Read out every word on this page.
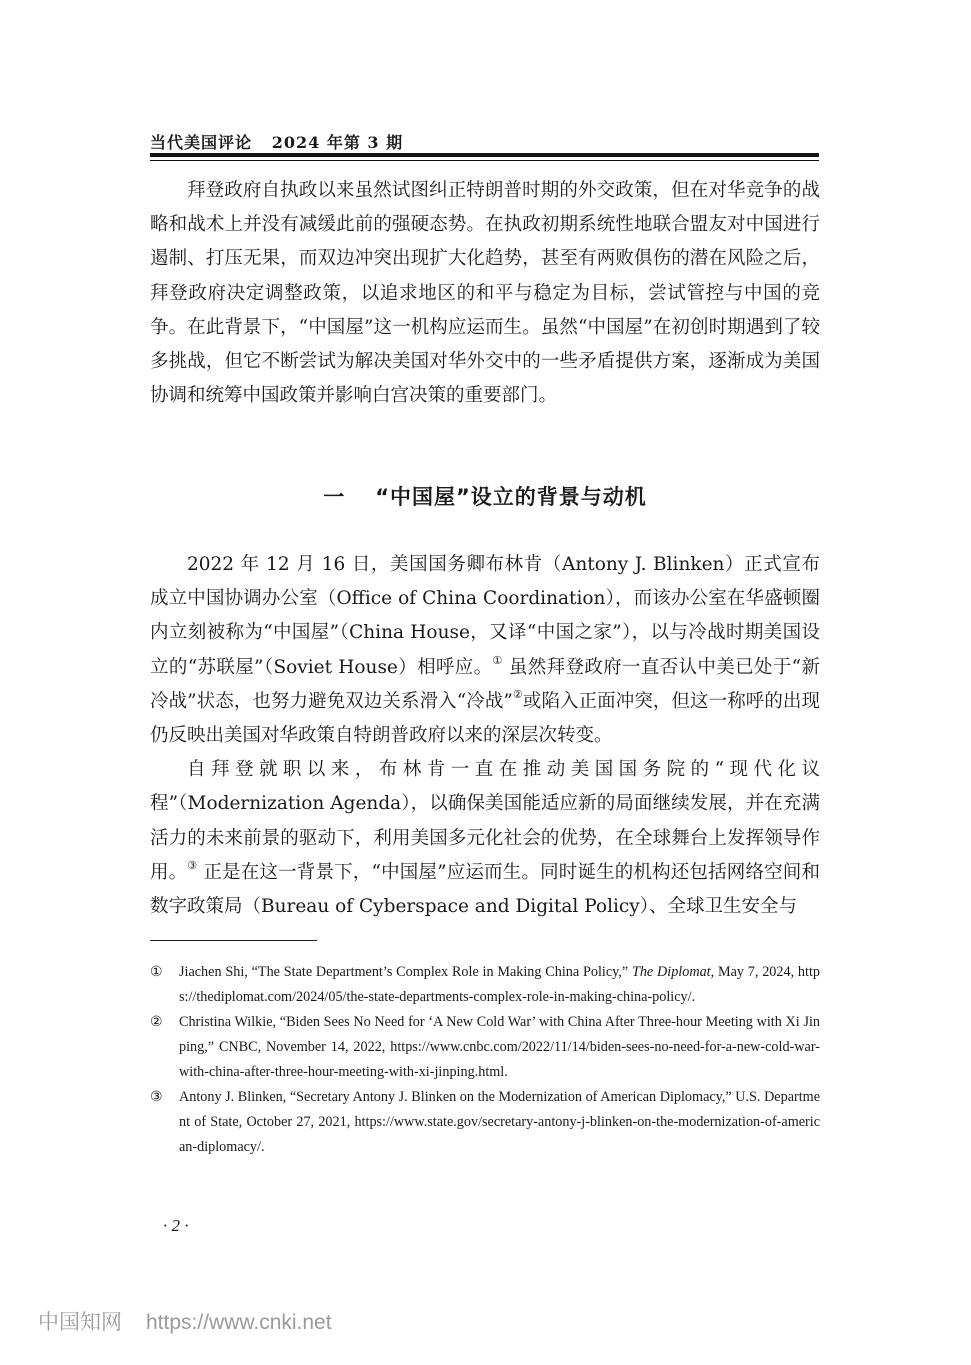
当代美国评论 2024 年第 3 期

拜登政府自执政以来虽然试图纠正特朗普时期的外交政策，但在对华竞争的战略和战术上并没有减缓此前的强硬态势。在执政初期系统性地联合盟友对中国进行遏制、打压无果，而双边冲突出现扩大化趋势，甚至有两败俱伤的潜在风险之后，拜登政府决定调整政策，以追求地区的和平与稳定为目标，尝试管控与中国的竞争。在此背景下，“中国屋”这一机构应运而生。虽然“中国屋”在初创时期遇到了较多挑战，但它不断尝试为解决美国对华外交中的一些矛盾提供方案，逐渐成为美国协调和统筹中国政策并影响白宫决策的重要部门。

一 “中国屋”设立的背景与动机

2022 年 12 月 16 日，美国国务卿布林肯（Antony J. Blinken）正式宣布成立中国协调办公室（Office of China Coordination），而该办公室在华盛顿圈内立刻被称为“中国屋”（China House，又译“中国之家”），以与冷战时期美国设立的“苏联屋”（Soviet House）相呼应。① 虽然拜登政府一直否认中美已处于“新冷战”状态，也努力避免双边关系滑入“冷战”②或陷入正面冲突，但这一称呼的出现仍反映出美国对华政策自特朗普政府以来的深层次转变。

自拜登就职以来，布林肯一直在推动美国国务院的“现代化议程”（Modernization Agenda），以确保美国能适应新的局面继续发展，并在充满活力的未来前景的驱动下，利用美国多元化社会的优势，在全球舞台上发挥领导作用。③ 正是在这一背景下，“中国屋”应运而生。同时诞生的机构还包括网络空间和数字政策局（Bureau of Cyberspace and Digital Policy）、全球卫生安全与

①	Jiachen Shi, “The State Department’s Complex Role in Making China Policy,” The Diplomat, May 7, 2024, https://thediplomat.com/2024/05/the-state-departments-complex-role-in-making-china-policy/.
②	Christina Wilkie, “Biden Sees No Need for ‘A New Cold War’ with China After Three-hour Meeting with Xi Jinping,” CNBC, November 14, 2022, https://www.cnbc.com/2022/11/14/biden-sees-no-need-for-a-new-cold-war-with-china-after-three-hour-meeting-with-xi-jinping.html.
③	Antony J. Blinken, “Secretary Antony J. Blinken on the Modernization of American Diplomacy,” U.S. Department of State, October 27, 2021, https://www.state.gov/secretary-antony-j-blinken-on-the-modernization-of-american-diplomacy/.
· 2 ·
中国知网 https://www.cnki.net
